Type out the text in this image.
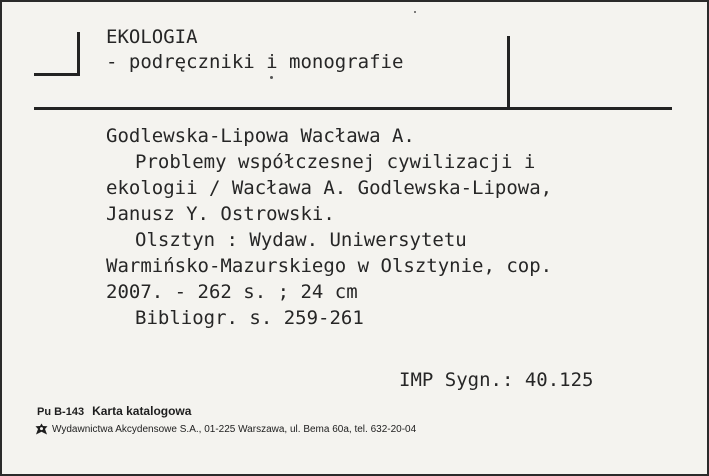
EKOLOGIA
- podręczniki i monografie
Godlewska-Lipowa Wacława A.
Problemy współczesnej cywilizacji i
ekologii / Wacława A. Godlewska-Lipowa,
Janusz Y. Ostrowski.
Olsztyn : Wydaw. Uniwersytetu
Warmińsko-Mazurskiego w Olsztynie, cop.
2007. - 262 s. ; 24 cm
Bibliogr. s. 259-261
IMP Sygn.: 40.125
Pu B-143 Karta katalogowa
Wydawnictwa Akcydensowe S.A., 01-225 Warszawa, ul. Bema 60a, tel. 632-20-04
